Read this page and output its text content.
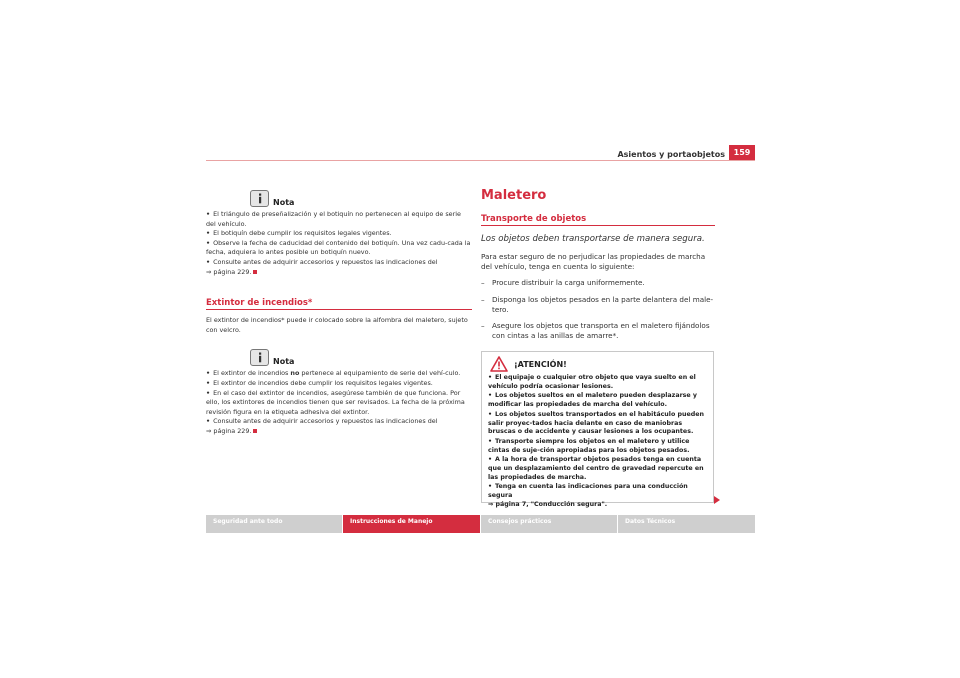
Asientos y portaobjetos	159
Nota
• El triángulo de preseñalización y el botiquín no pertenecen al equipo de serie del vehículo.
• El botiquín debe cumplir los requisitos legales vigentes.
• Observe la fecha de caducidad del contenido del botiquín. Una vez cadu-cada la fecha, adquiera lo antes posible un botiquín nuevo.
• Consulte antes de adquirir accesorios y repuestos las indicaciones del
⇒ página 229.
Extintor de incendios*
El extintor de incendios* puede ir colocado sobre la alfombra del maletero, sujeto con velcro.
Nota
• El extintor de incendios no pertenece al equipamiento de serie del vehí-culo.
• El extintor de incendios debe cumplir los requisitos legales vigentes.
• En el caso del extintor de incendios, asegúrese también de que funciona. Por ello, los extintores de incendios tienen que ser revisados. La fecha de la próxima revisión figura en la etiqueta adhesiva del extintor.
• Consulte antes de adquirir accesorios y repuestos las indicaciones del
⇒ página 229.
Maletero
Transporte de objetos
Los objetos deben transportarse de manera segura.
Para estar seguro de no perjudicar las propiedades de marcha del vehículo, tenga en cuenta lo siguiente:
–	Procure distribuir la carga uniformemente.
–	Disponga los objetos pesados en la parte delantera del male-tero.
–	Asegure los objetos que transporta en el maletero fijándolos con cintas a las anillas de amarre*.
¡ATENCIÓN!
• El equipaje o cualquier otro objeto que vaya suelto en el vehículo podría ocasionar lesiones.
• Los objetos sueltos en el maletero pueden desplazarse y modificar las propiedades de marcha del vehículo.
• Los objetos sueltos transportados en el habitáculo pueden salir proyec-tados hacia delante en caso de maniobras bruscas o de accidente y causar lesiones a los ocupantes.
• Transporte siempre los objetos en el maletero y utilice cintas de suje-ción apropiadas para los objetos pesados.
• A la hora de transportar objetos pesados tenga en cuenta que un desplazamiento del centro de gravedad repercute en las propiedades de marcha.
• Tenga en cuenta las indicaciones para una conducción segura
⇒ página 7, "Conducción segura".
Seguridad ante todo	Instrucciones de Manejo	Consejos prácticos	Datos Técnicos
